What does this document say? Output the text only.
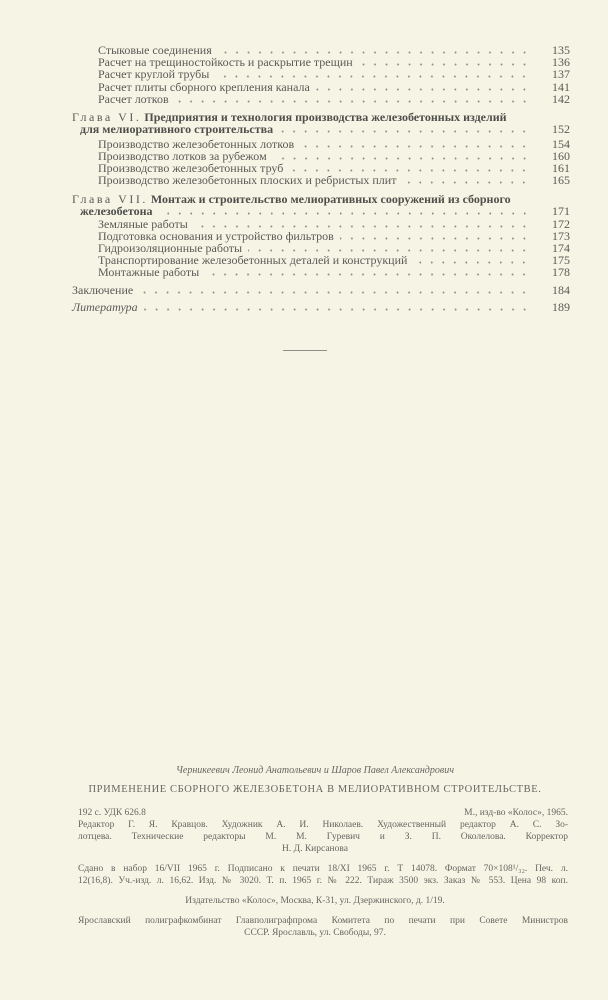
Стыковые соединения	135
Расчет на трещиностойкость и раскрытие трещин	136
Расчет круглой трубы	137
Расчет плиты сборного крепления канала	141
Расчет лотков	142
Глава VI.
Предприятия и технология производства железобетонных изделий
для мелиоративного строительства	152
Производство железобетонных лотков	154
Производство лотков за рубежом	160
Производство железобетонных труб	161
Производство железобетонных плоских и ребристых плит	165
Глава VII.
Монтаж и строительство мелиоративных сооружений из сборного
железобетона	171
Земляные работы	172
Подготовка основания и устройство фильтров	173
Гидроизоляционные работы	174
Транспортирование железобетонных деталей и конструкций	175
Монтажные работы	178
Заключение	184
Литература	189
Черникеевич Леонид Анатольевич и Шаров Павел Александрович
ПРИМЕНЕНИЕ СБОРНОГО ЖЕЛЕЗОБЕТОНА В МЕЛИОРАТИВНОМ СТРОИТЕЛЬСТВЕ.
192 с. УДК 626.8	М., изд-во «Колос», 1965.
Редактор Г. Я. Кравцов. Художник А. И. Николаев. Художественный редактор А. С. Зо-
лотцева. Технические редакторы М. М. Гуревич и З. П. Околелова. Корректор
Н. Д. Кирсанова
Сдано в набор 16/VII 1965 г. Подписано к печати 18/XI 1965 г. Т 14078. Формат 70×108¹/₃₂. Печ. л.
12(16,8). Уч.-изд. л. 16,62. Изд. № 3020. Т. п. 1965 г. № 222. Тираж 3500 экз. Заказ № 553. Цена 98 коп.
Издательство «Колос», Москва, К-31, ул. Дзержинского, д. 1/19.
Ярославский полиграфкомбинат Главполиграфпрома Комитета по печати при Совете Министров
СССР. Ярославль, ул. Свободы, 97.
